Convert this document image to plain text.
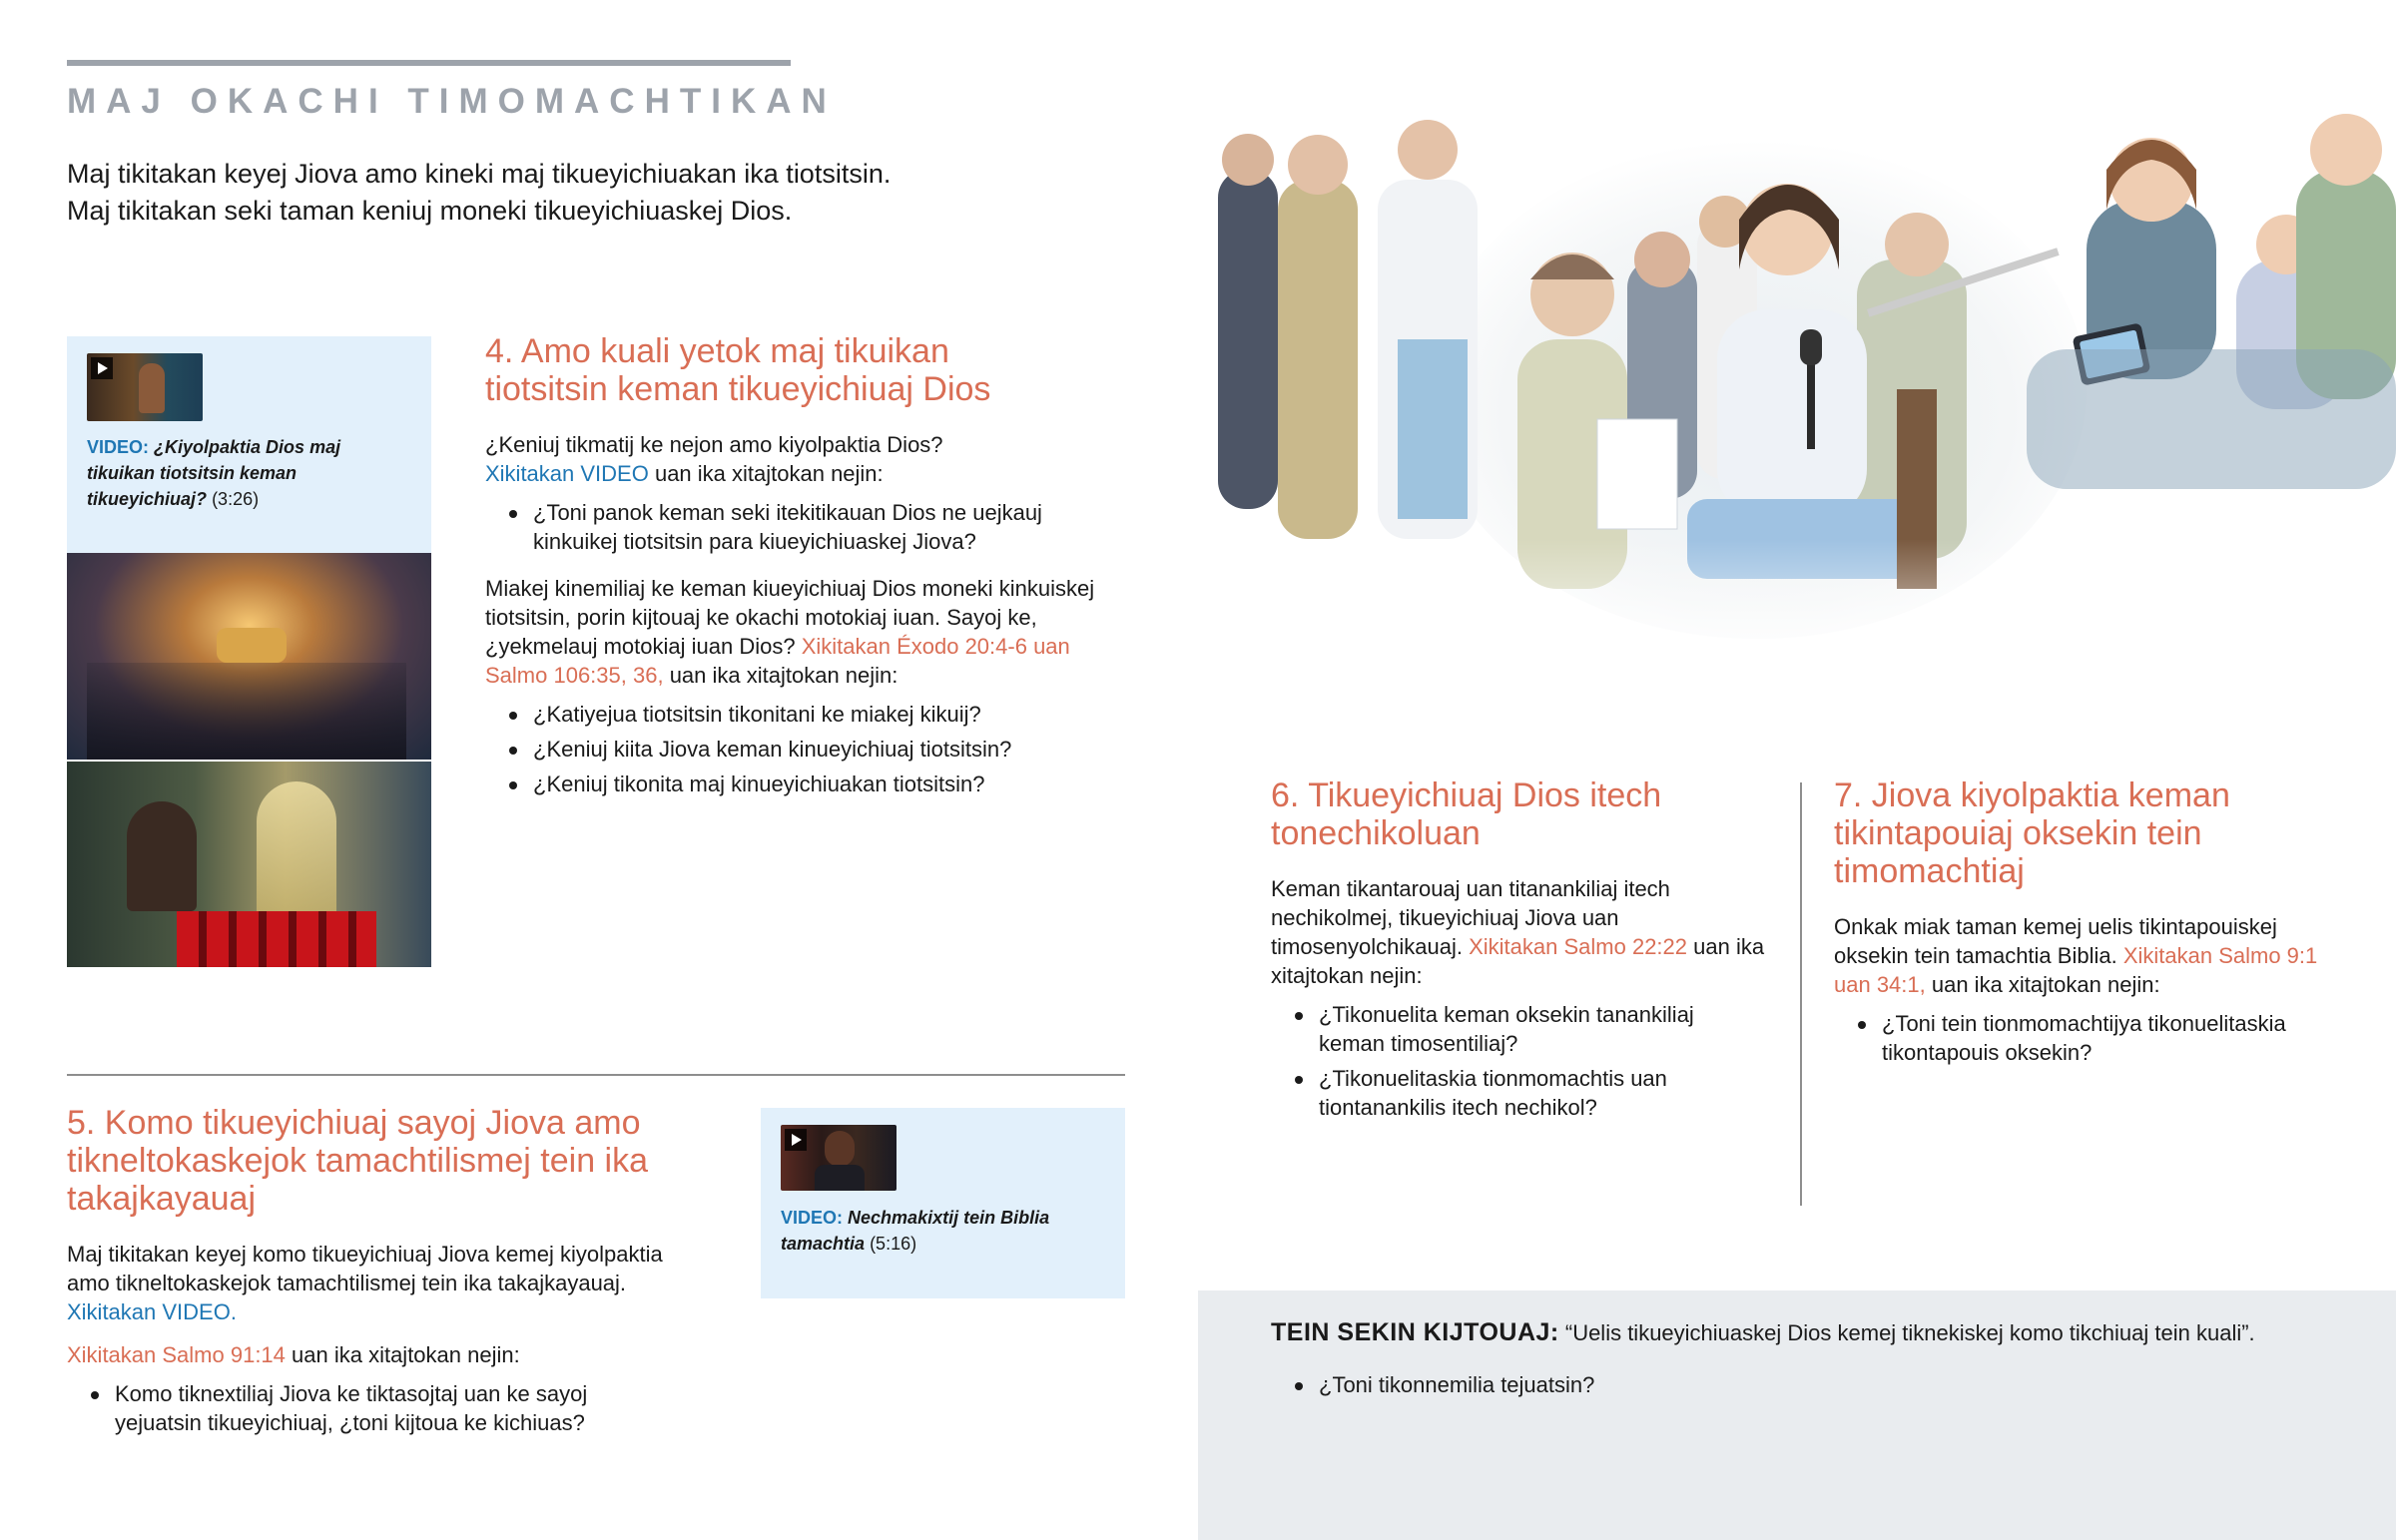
MAJ OKACHI TIMOMACHTIKAN
Maj tikitakan keyej Jiova amo kineki maj tikueyichiuakan ika tiotsitsin.
Maj tikitakan seki taman keniuj moneki tikueyichiuaskej Dios.
VIDEO: ¿Kiyolpaktia Dios maj tikuikan tiotsitsin keman tikueyichiuaj? (3:26)
4. Amo kuali yetok maj tikuikan tiotsitsin keman tikueyichiuaj Dios
¿Keniuj tikmatij ke nejon amo kiyolpaktia Dios?
Xikitakan VIDEO uan ika xitajtokan nejin:
¿Toni panok keman seki itekitikauan Dios ne uejkauj kinkuikej tiotsitsin para kiueyichiuaskej Jiova?
Miakej kinemiliaj ke keman kiueyichiuaj Dios moneki kinkuiskej tiotsitsin, porin kijtouaj ke okachi motokiaj iuan. Sayoj ke, ¿yekmelauj motokiaj iuan Dios? Xikitakan Éxodo 20:4-6 uan Salmo 106:35, 36, uan ika xitajtokan nejin:
¿Katiyejua tiotsitsin tikonitani ke miakej kikuij?
¿Keniuj kiita Jiova keman kinueyichiuaj tiotsitsin?
¿Keniuj tikonita maj kinueyichiuakan tiotsitsin?
5. Komo tikueyichiuaj sayoj Jiova amo tikneltokaskejok tamachtilismej tein ika takajkayauaj
Maj tikitakan keyej komo tikueyichiuaj Jiova kemej kiyolpaktia amo tikneltokaskejok tamachtilismej tein ika takajkayauaj.
Xikitakan VIDEO.
Xikitakan Salmo 91:14 uan ika xitajtokan nejin:
Komo tiknextiliaj Jiova ke tiktasojtaj uan ke sayoj yejuatsin tikueyichiuaj, ¿toni kijtoua ke kichiuas?
VIDEO: Nechmakixtij tein Biblia tamachtia (5:16)
6. Tikueyichiuaj Dios itech tonechikoluan
Keman tikantarouaj uan titanankiliaj itech nechikolmej, tikueyichiuaj Jiova uan timosenyolchikauaj. Xikitakan Salmo 22:22 uan ika xitajtokan nejin:
¿Tikonuelita keman oksekin tanankiliaj keman timosentiliaj?
¿Tikonuelitaskia tionmomachtis uan tiontanankilis itech nechikol?
7. Jiova kiyolpaktia keman tikintapouiaj oksekin tein timomachtiaj
Onkak miak taman kemej uelis tikintapouiskej oksekin tein tamachtia Biblia. Xikitakan Salmo 9:1 uan 34:1, uan ika xitajtokan nejin:
¿Toni tein tionmomachtijya tikonuelitaskia tikontapouis oksekin?
TEIN SEKIN KIJTOUAJ: “Uelis tikueyichiuaskej Dios kemej tiknekiskej komo tikchiuaj tein kuali”.
¿Toni tikonnemilia tejuatsin?
